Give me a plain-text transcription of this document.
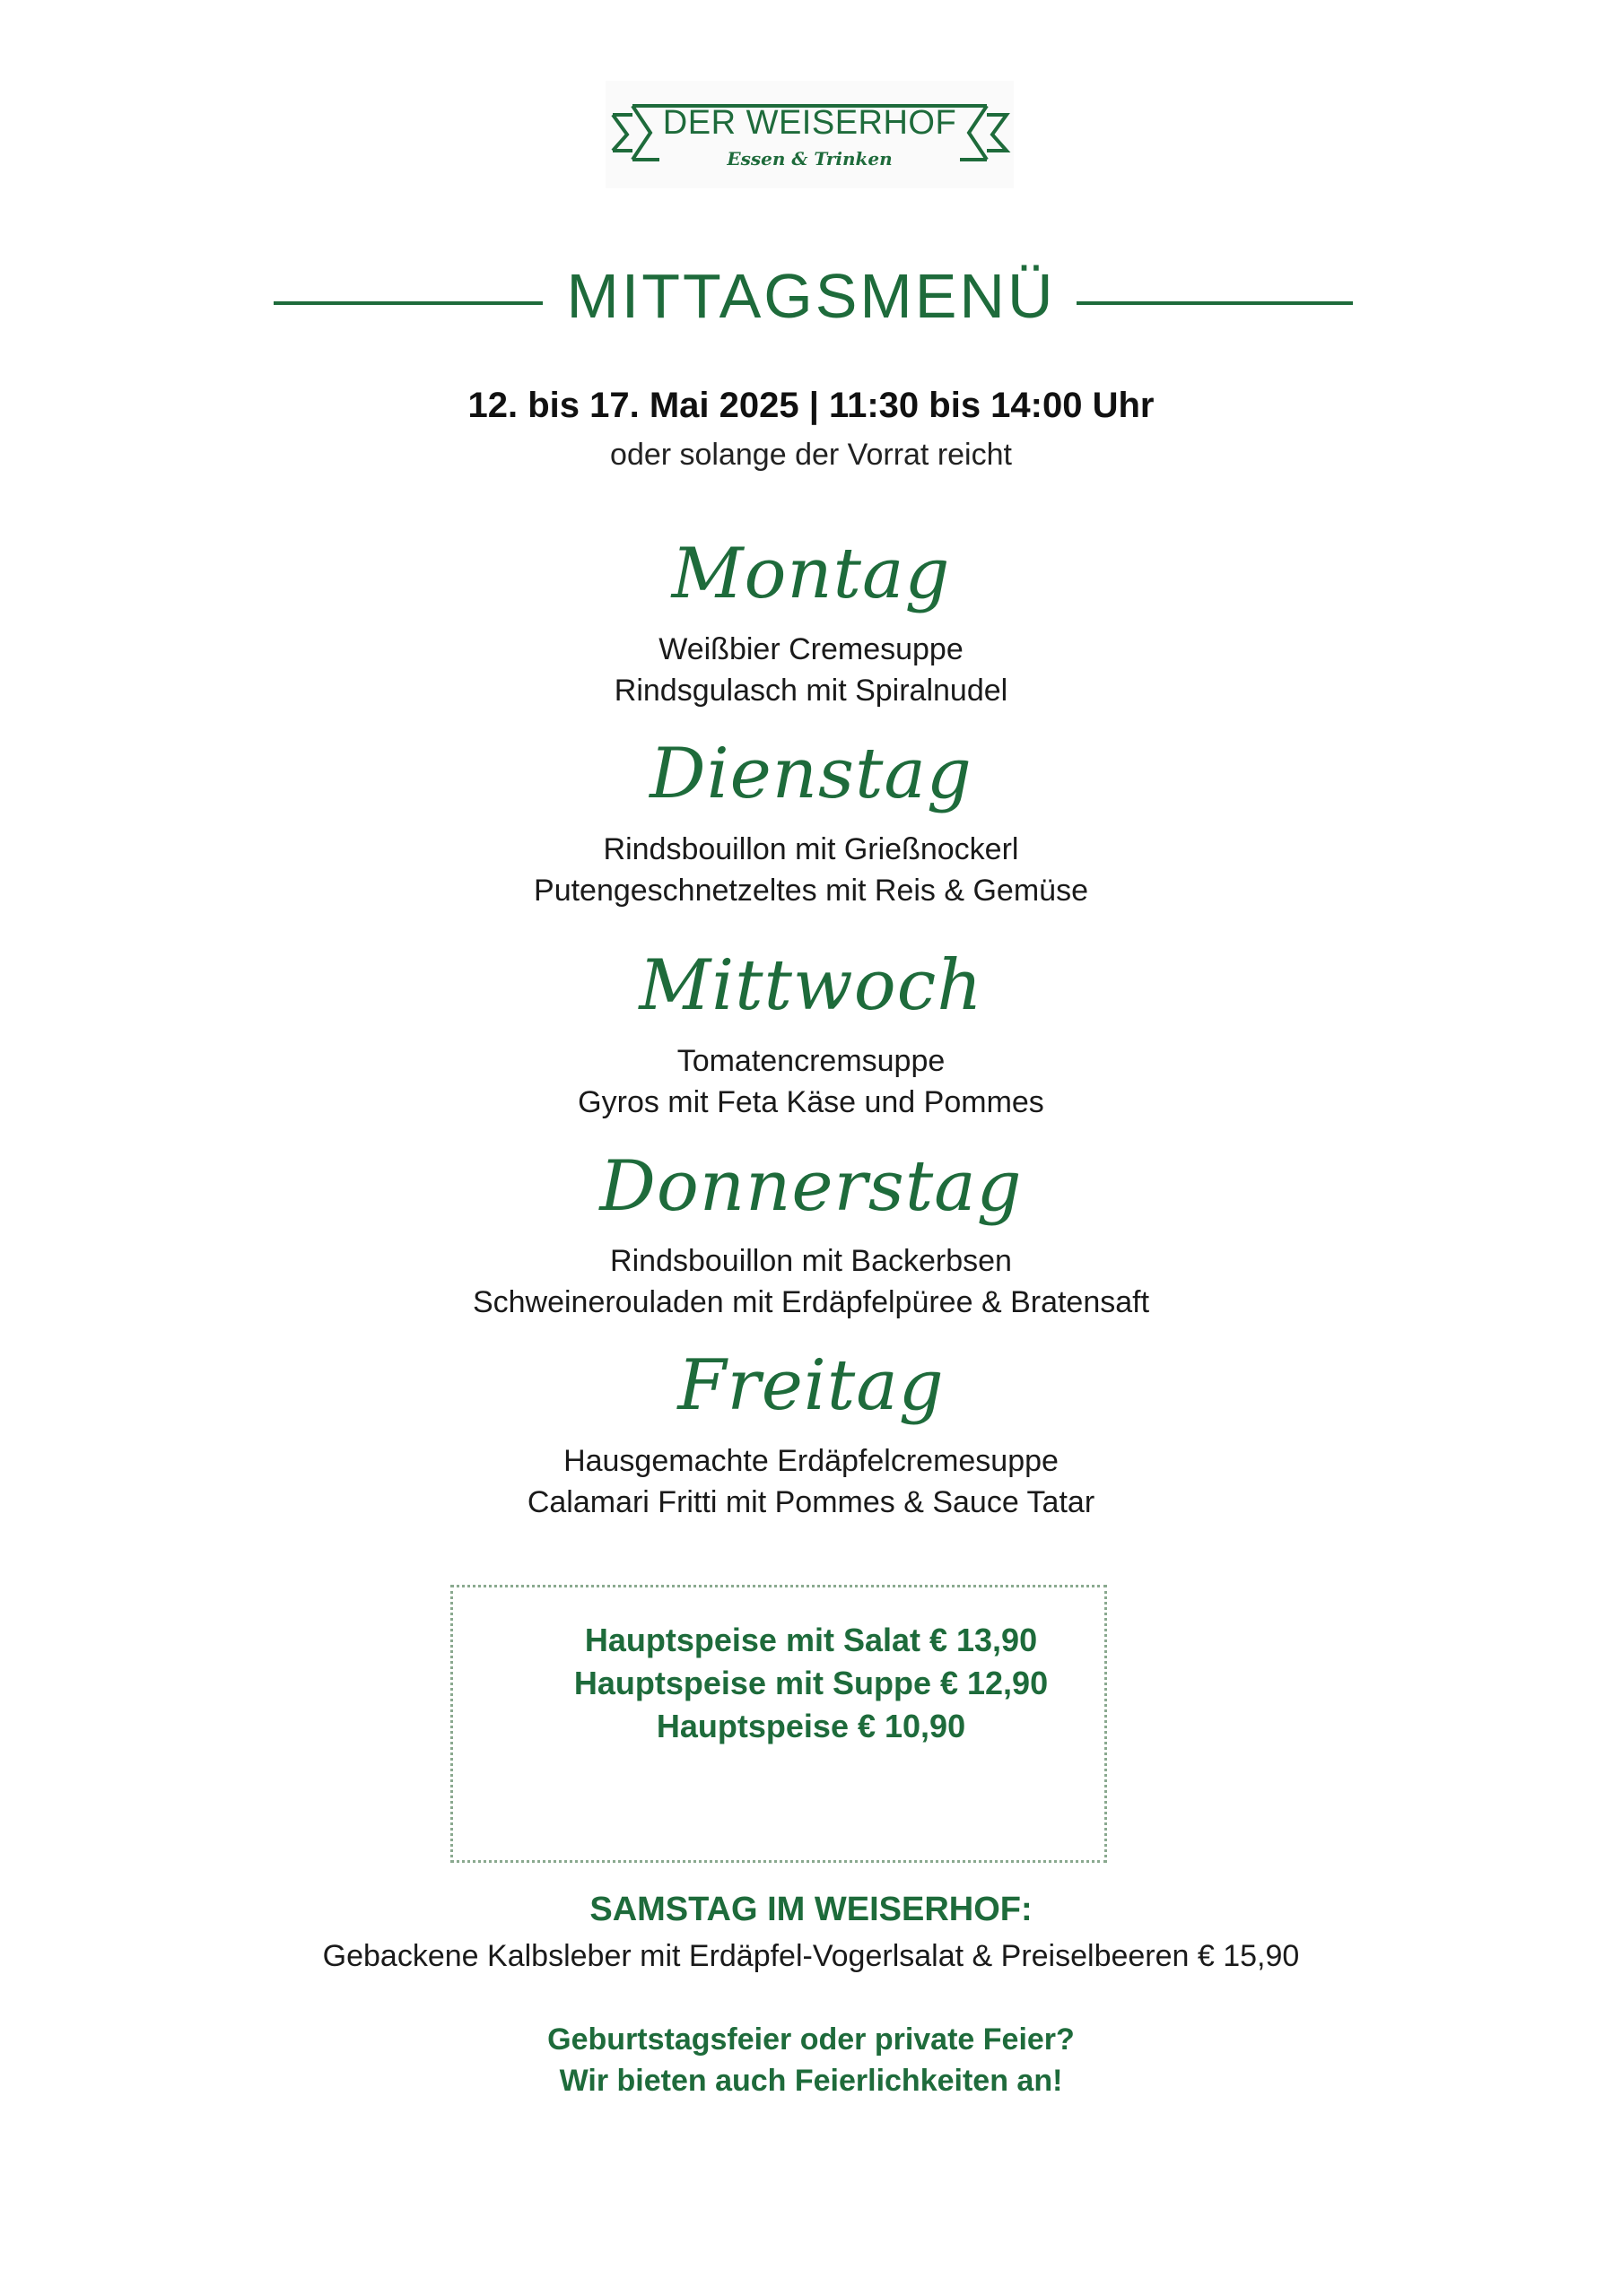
DER WEISERHOF
Essen & Trinken
MITTAGSMENÜ
12. bis 17. Mai 2025 | 11:30 bis 14:00 Uhr
oder solange der Vorrat reicht
Montag
Weißbier Cremesuppe
Rindsgulasch mit Spiralnudel
Dienstag
Rindsbouillon mit Grießnockerl
Putengeschnetzeltes mit Reis & Gemüse
Mittwoch
Tomatencremsuppe
Gyros mit Feta Käse und Pommes
Donnerstag
Rindsbouillon mit Backerbsen
Schweinerouladen mit Erdäpfelpüree & Bratensaft
Freitag
Hausgemachte Erdäpfelcremesuppe
Calamari Fritti mit Pommes & Sauce Tatar
Hauptspeise mit Salat € 13,90
Hauptspeise mit Suppe € 12,90
Hauptspeise € 10,90
SAMSTAG IM WEISERHOF:
Gebackene Kalbsleber mit Erdäpfel-Vogerlsalat & Preiselbeeren € 15,90
Geburtstagsfeier oder private Feier?
Wir bieten auch Feierlichkeiten an!
